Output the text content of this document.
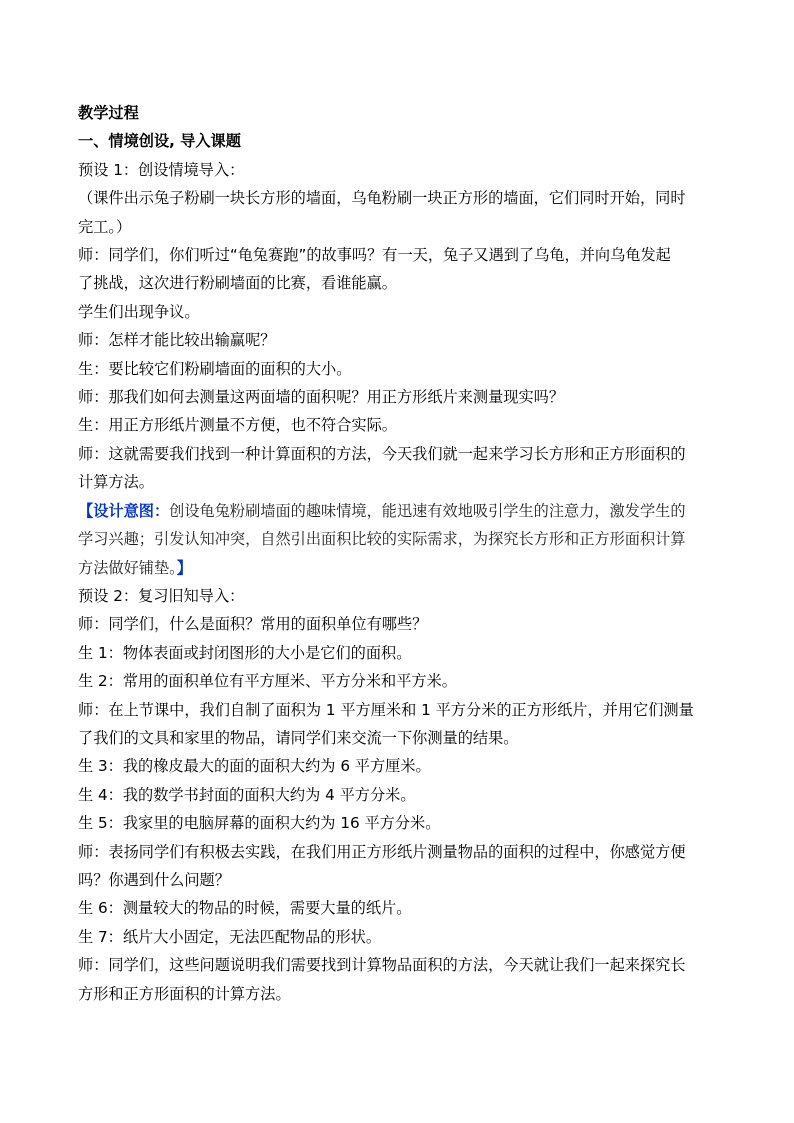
教学过程

一、情境创设, 导入课题

预设 1：创设情境导入：

（课件出示兔子粉刷一块长方形的墙面，乌龟粉刷一块正方形的墙面，它们同时开始，同时

完工。）

师：同学们，你们听过“龟兔赛跑”的故事吗？有一天，兔子又遇到了乌龟，并向乌龟发起

了挑战，这次进行粉刷墙面的比赛，看谁能赢。

学生们出现争议。

师：怎样才能比较出输赢呢？

生：要比较它们粉刷墙面的面积的大小。

师：那我们如何去测量这两面墙的面积呢？用正方形纸片来测量现实吗？

生：用正方形纸片测量不方便，也不符合实际。

师：这就需要我们找到一种计算面积的方法，今天我们就一起来学习长方形和正方形面积的

计算方法。

【设计意图：创设龟兔粉刷墙面的趣味情境，能迅速有效地吸引学生的注意力，激发学生的

学习兴趣；引发认知冲突，自然引出面积比较的实际需求，为探究长方形和正方形面积计算

方法做好铺垫。】

预设 2：复习旧知导入：

师：同学们，什么是面积？常用的面积单位有哪些？

生 1：物体表面或封闭图形的大小是它们的面积。

生 2：常用的面积单位有平方厘米、平方分米和平方米。

师：在上节课中，我们自制了面积为 1 平方厘米和 1 平方分米的正方形纸片，并用它们测量

了我们的文具和家里的物品，请同学们来交流一下你测量的结果。

生 3：我的橡皮最大的面的面积大约为 6 平方厘米。

生 4：我的数学书封面的面积大约为 4 平方分米。

生 5：我家里的电脑屏幕的面积大约为 16 平方分米。

师：表扬同学们有积极去实践，在我们用正方形纸片测量物品的面积的过程中，你感觉方便

吗？你遇到什么问题？

生 6：测量较大的物品的时候，需要大量的纸片。

生 7：纸片大小固定，无法匹配物品的形状。

师：同学们，这些问题说明我们需要找到计算物品面积的方法，今天就让我们一起来探究长

方形和正方形面积的计算方法。
